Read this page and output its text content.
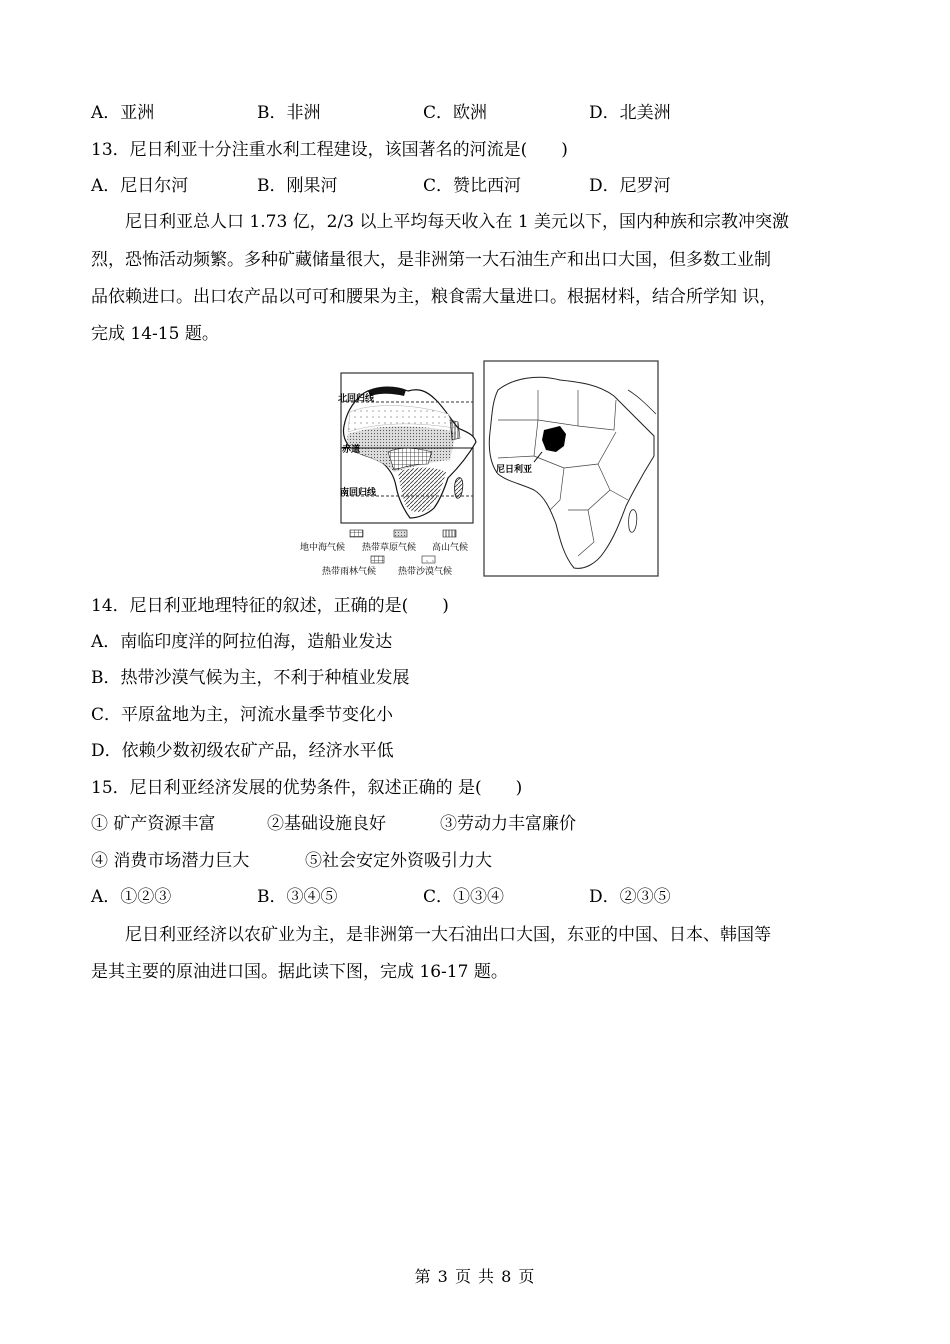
A．亚洲	B．非洲	C．欧洲	D．北美洲
13．尼日利亚十分注重水利工程建设，该国著名的河流是(　　)
A．尼日尔河	B．刚果河	C．赞比西河	D．尼罗河
尼日利亚总人口 1.73 亿，2/3 以上平均每天收入在 1 美元以下，国内种族和宗教冲突激
烈，恐怖活动频繁。多种矿藏储量很大，是非洲第一大石油生产和出口大国，但多数工业制
品依赖进口。出口农产品以可可和腰果为主，粮食需大量进口。根据材料，结合所学知 识，
完成 14-15 题。
北回归线
赤道
南回归线
地中海气候 热带草原气候 高山气候
热带雨林气候 热带沙漠气候
尼日利亚
14．尼日利亚地理特征的叙述，正确的是(　　)
A．南临印度洋的阿拉伯海，造船业发达
B．热带沙漠气候为主，不利于种植业发展
C．平原盆地为主，河流水量季节变化小
D．依赖少数初级农矿产品，经济水平低
15．尼日利亚经济发展的优势条件，叙述正确的 是(　　)
① 矿产资源丰富	②基础设施良好	③劳动力丰富廉价
④ 消费市场潜力巨大	⑤社会安定外资吸引力大
A．①②③	B．③④⑤	C．①③④	D．②③⑤
尼日利亚经济以农矿业为主，是非洲第一大石油出口大国，东亚的中国、日本、韩国等
是其主要的原油进口国。据此读下图，完成 16-17 题。
第 3 页 共 8 页
